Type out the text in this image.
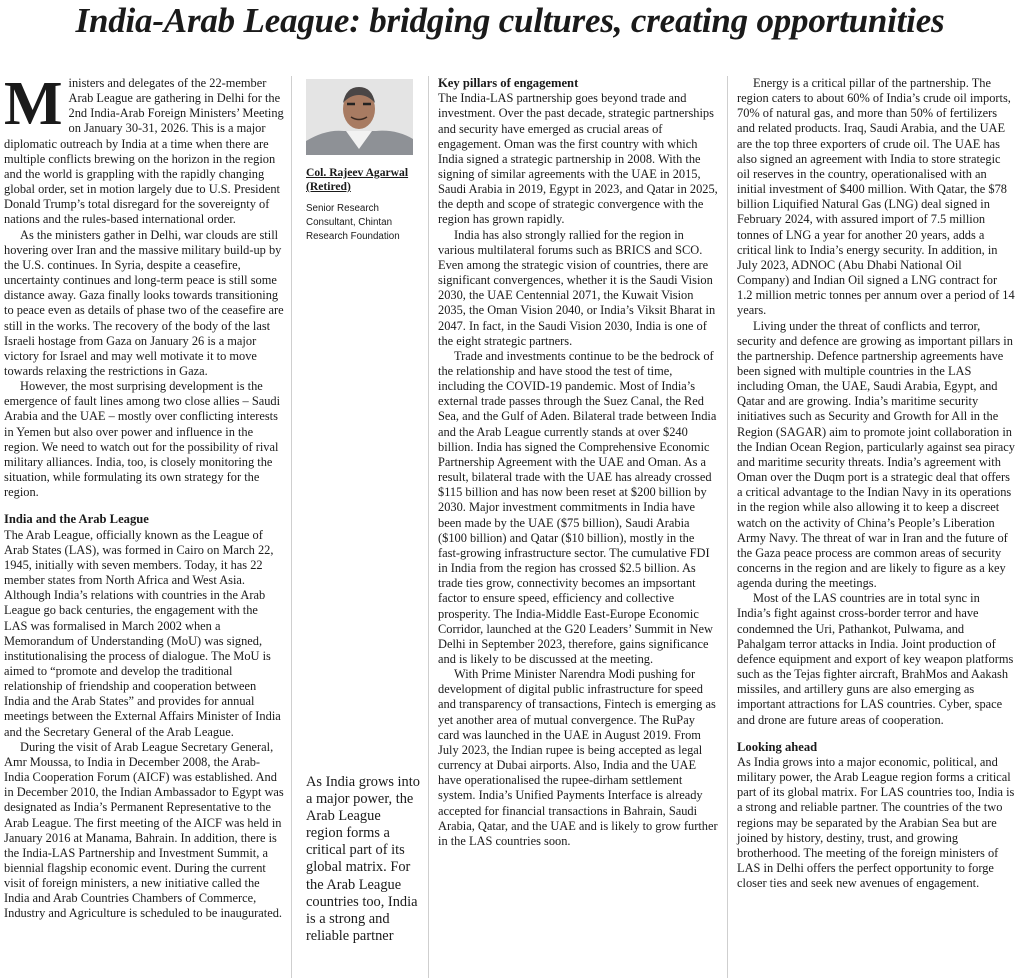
India-Arab League: bridging cultures, creating opportunities

Ministers and delegates of the 22-member Arab League are gathering in Delhi for the 2nd India-Arab Foreign Ministers’ Meeting on January 30-31, 2026. This is a major diplomatic outreach by India at a time when there are multiple conflicts brewing on the horizon in the region and the world is grappling with the rapidly changing global order, set in motion largely due to U.S. President Donald Trump’s total disregard for the sovereignty of nations and the rules-based international order.

As the ministers gather in Delhi, war clouds are still hovering over Iran and the massive military build-up by the U.S. continues. In Syria, despite a ceasefire, uncertainty continues and long-term peace is still some distance away. Gaza finally looks towards transitioning to peace even as details of phase two of the ceasefire are still in the works. The recovery of the body of the last Israeli hostage from Gaza on January 26 is a major victory for Israel and may well motivate it to move towards relaxing the restrictions in Gaza.

However, the most surprising development is the emergence of fault lines among two close allies – Saudi Arabia and the UAE – mostly over conflicting interests in Yemen but also over power and influence in the region. We need to watch out for the possibility of rival military alliances. India, too, is closely monitoring the situation, while formulating its own strategy for the region.

India and the Arab League

The Arab League, officially known as the League of Arab States (LAS), was formed in Cairo on March 22, 1945, initially with seven members. Today, it has 22 member states from North Africa and West Asia. Although India’s relations with countries in the Arab League go back centuries, the engagement with the LAS was formalised in March 2002 when a Memorandum of Understanding (MoU) was signed, institutionalising the process of dialogue. The MoU is aimed to “promote and develop the traditional relationship of friendship and cooperation between India and the Arab States” and provides for annual meetings between the External Affairs Minister of India and the Secretary General of the Arab League.

During the visit of Arab League Secretary General, Amr Moussa, to India in December 2008, the Arab-India Cooperation Forum (AICF) was established. And in December 2010, the Indian Ambassador to Egypt was designated as India’s Permanent Representative to the Arab League. The first meeting of the AICF was held in January 2016 at Manama, Bahrain. In addition, there is the India-LAS Partnership and Investment Summit, a biennial flagship economic event. During the current visit of foreign ministers, a new initiative called the India and Arab Countries Chambers of Commerce, Industry and Agriculture is scheduled to be inaugurated.

Col. Rajeev Agarwal (Retired)
Senior Research Consultant, Chintan Research Foundation
As India grows into a major power, the Arab League region forms a critical part of its global matrix. For the Arab League countries too, India is a strong and reliable partner
Key pillars of engagement

The India-LAS partnership goes beyond trade and investment. Over the past decade, strategic partnerships and security have emerged as crucial areas of engagement. Oman was the first country with which India signed a strategic partnership in 2008. With the signing of similar agreements with the UAE in 2015, Saudi Arabia in 2019, Egypt in 2023, and Qatar in 2025, the depth and scope of strategic convergence with the region has grown rapidly.

India has also strongly rallied for the region in various multilateral forums such as BRICS and SCO. Even among the strategic vision of countries, there are significant convergences, whether it is the Saudi Vision 2030, the UAE Centennial 2071, the Kuwait Vision 2035, the Oman Vision 2040, or India’s Viksit Bharat in 2047. In fact, in the Saudi Vision 2030, India is one of the eight strategic partners.

Trade and investments continue to be the bedrock of the relationship and have stood the test of time, including the COVID-19 pandemic. Most of India’s external trade passes through the Suez Canal, the Red Sea, and the Gulf of Aden. Bilateral trade between India and the Arab League currently stands at over $240 billion. India has signed the Comprehensive Economic Partnership Agreement with the UAE and Oman. As a result, bilateral trade with the UAE has already crossed $115 billion and has now been reset at $200 billion by 2030. Major investment commitments in India have been made by the UAE ($75 billion), Saudi Arabia ($100 billion) and Qatar ($10 billion), mostly in the fast-growing infrastructure sector. The cumulative FDI in India from the region has crossed $2.5 billion. As trade ties grow, connectivity becomes an impsortant factor to ensure speed, efficiency and collective prosperity. The India-Middle East-Europe Economic Corridor, launched at the G20 Leaders’ Summit in New Delhi in September 2023, therefore, gains significance and is likely to be discussed at the meeting.

With Prime Minister Narendra Modi pushing for development of digital public infrastructure for speed and transparency of transactions, Fintech is emerging as yet another area of mutual convergence. The RuPay card was launched in the UAE in August 2019. From July 2023, the Indian rupee is being accepted as legal currency at Dubai airports. Also, India and the UAE have operationalised the rupee-dirham settlement system. India’s Unified Payments Interface is already accepted for financial transactions in Bahrain, Saudi Arabia, Qatar, and the UAE and is likely to grow further in the LAS countries soon.

Energy is a critical pillar of the partnership. The region caters to about 60% of India’s crude oil imports, 70% of natural gas, and more than 50% of fertilizers and related products. Iraq, Saudi Arabia, and the UAE are the top three exporters of crude oil. The UAE has also signed an agreement with India to store strategic oil reserves in the country, operationalised with an initial investment of $400 million. With Qatar, the $78 billion Liquified Natural Gas (LNG) deal signed in February 2024, with assured import of 7.5 million tonnes of LNG a year for another 20 years, adds a critical link to India’s energy security. In addition, in July 2023, ADNOC (Abu Dhabi National Oil Company) and Indian Oil signed a LNG contract for 1.2 million metric tonnes per annum over a period of 14 years.

Living under the threat of conflicts and terror, security and defence are growing as important pillars in the partnership. Defence partnership agreements have been signed with multiple countries in the LAS including Oman, the UAE, Saudi Arabia, Egypt, and Qatar and are growing. India’s maritime security initiatives such as Security and Growth for All in the Region (SAGAR) aim to promote joint collaboration in the Indian Ocean Region, particularly against sea piracy and maritime security threats. India’s agreement with Oman over the Duqm port is a strategic deal that offers a critical advantage to the Indian Navy in its operations in the region while also allowing it to keep a discreet watch on the activity of China’s People’s Liberation Army Navy. The threat of war in Iran and the future of the Gaza peace process are common areas of security concerns in the region and are likely to figure as a key agenda during the meetings.

Most of the LAS countries are in total sync in India’s fight against cross-border terror and have condemned the Uri, Pathankot, Pulwama, and Pahalgam terror attacks in India. Joint production of defence equipment and export of key weapon platforms such as the Tejas fighter aircraft, BrahMos and Aakash missiles, and artillery guns are also emerging as important attractions for LAS countries. Cyber, space and drone are future areas of cooperation.

Looking ahead

As India grows into a major economic, political, and military power, the Arab League region forms a critical part of its global matrix. For LAS countries too, India is a strong and reliable partner. The countries of the two regions may be separated by the Arabian Sea but are joined by history, destiny, trust, and growing brotherhood. The meeting of the foreign ministers of LAS in Delhi offers the perfect opportunity to forge closer ties and seek new avenues of engagement.
